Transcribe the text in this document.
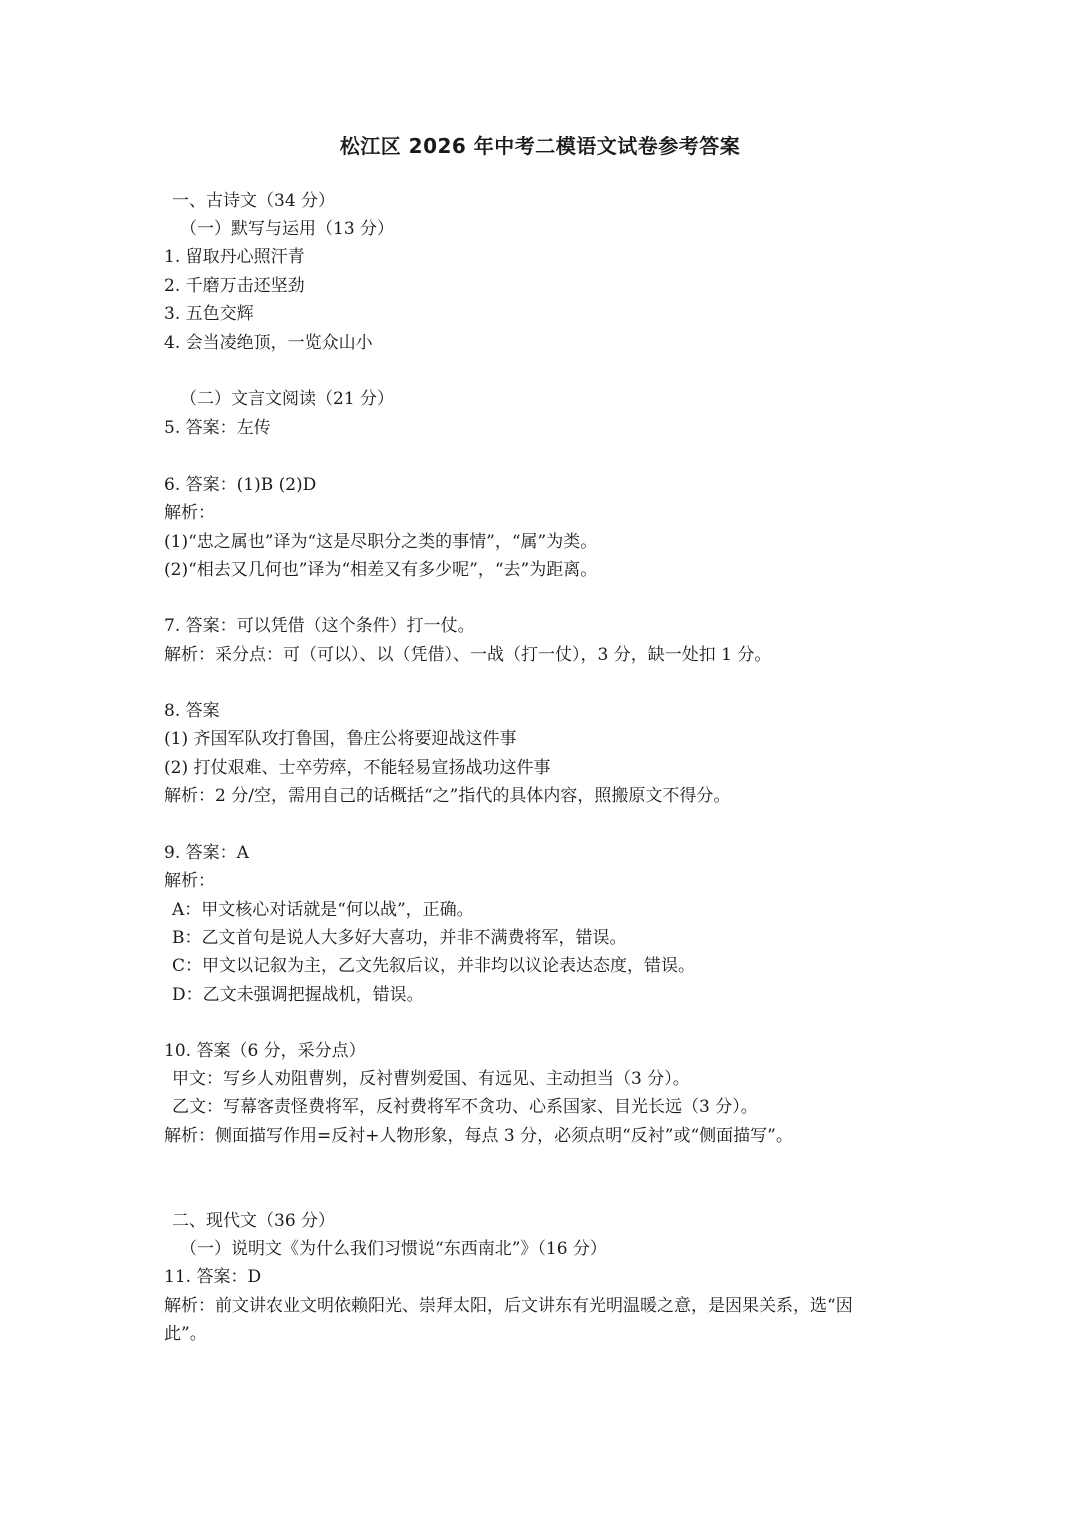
松江区 2026 年中考二模语文试卷参考答案
一、古诗文（34 分）
（一）默写与运用（13 分）
1. 留取丹心照汗青
2. 千磨万击还坚劲
3. 五色交辉
4. 会当凌绝顶，一览众山小
（二）文言文阅读（21 分）
5. 答案：左传
6. 答案：(1)B (2)D
解析：
(1)“忠之属也”译为“这是尽职分之类的事情”，“属”为类。
(2)“相去又几何也”译为“相差又有多少呢”，“去”为距离。
7. 答案：可以凭借（这个条件）打一仗。
解析：采分点：可（可以）、以（凭借）、一战（打一仗），3 分，缺一处扣 1 分。
8. 答案
(1) 齐国军队攻打鲁国，鲁庄公将要迎战这件事
(2) 打仗艰难、士卒劳瘁，不能轻易宣扬战功这件事
解析：2 分/空，需用自己的话概括“之”指代的具体内容，照搬原文不得分。
9. 答案：A
解析：
A：甲文核心对话就是“何以战”，正确。
B：乙文首句是说人大多好大喜功，并非不满费将军，错误。
C：甲文以记叙为主，乙文先叙后议，并非均以议论表达态度，错误。
D：乙文未强调把握战机，错误。
10. 答案（6 分，采分点）
甲文：写乡人劝阻曹刿，反衬曹刿爱国、有远见、主动担当（3 分）。
乙文：写幕客责怪费将军，反衬费将军不贪功、心系国家、目光长远（3 分）。
解析：侧面描写作用=反衬+人物形象，每点 3 分，必须点明“反衬”或“侧面描写”。
二、现代文（36 分）
（一）说明文《为什么我们习惯说“东西南北”》（16 分）
11. 答案：D
解析：前文讲农业文明依赖阳光、崇拜太阳，后文讲东有光明温暖之意，是因果关系，选“因
此”。
